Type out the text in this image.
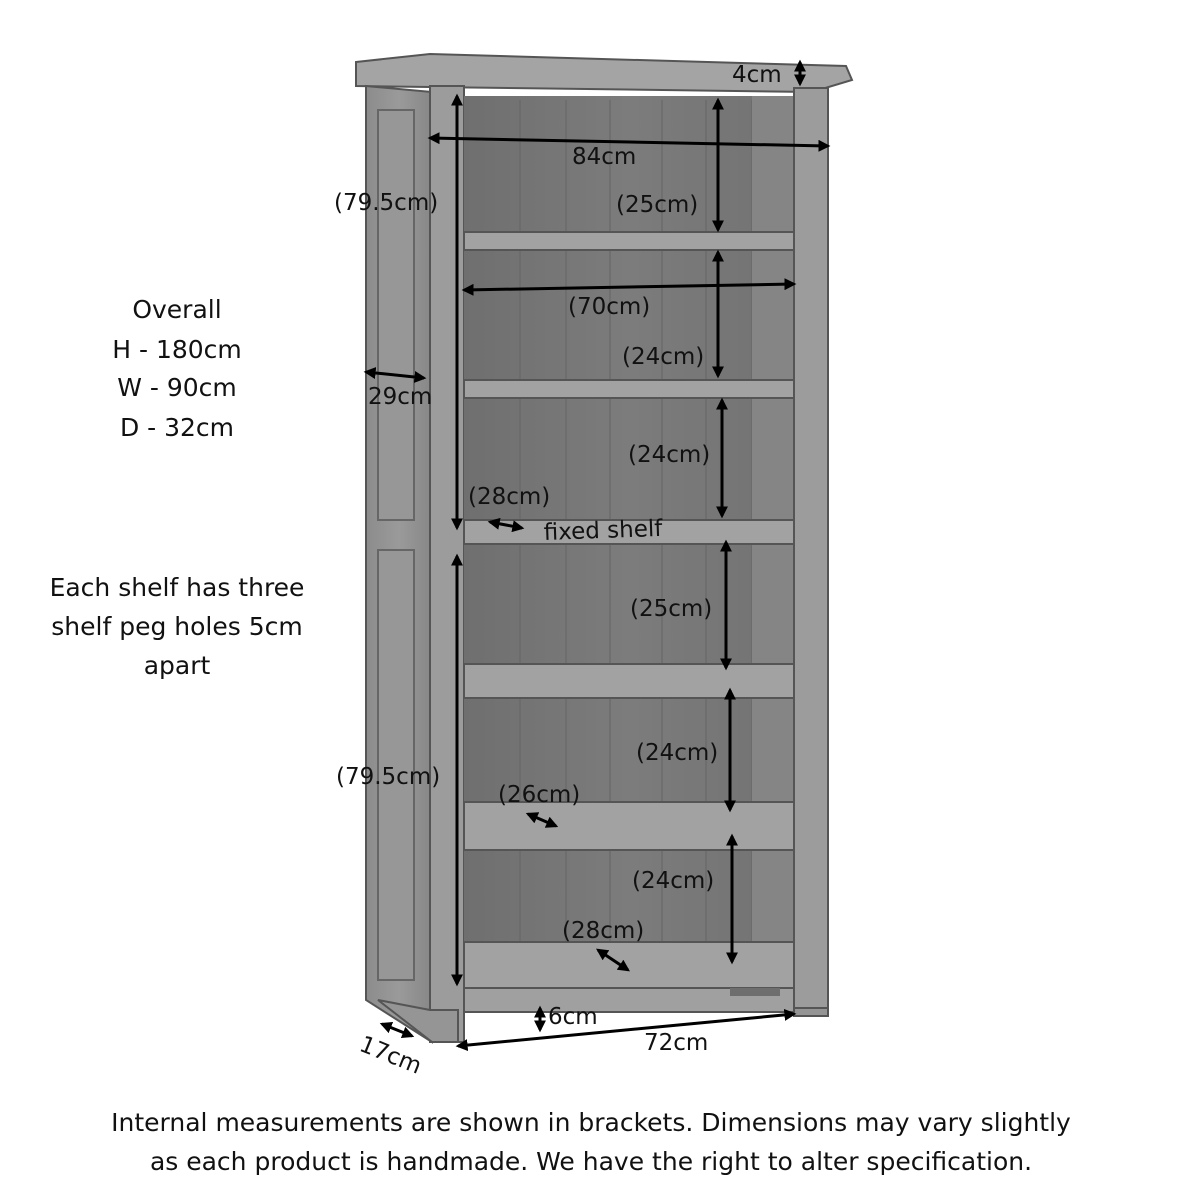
4cm
84cm
(79.5cm)	(25cm)
(70cm)
(24cm)
29cm
(24cm)
(28cm)
fixed shelf
(25cm)
(79.5cm)
(24cm)
(26cm)
(24cm)
(28cm)
6cm
72cm
17cm
Overall
H - 180cm
W - 90cm
D - 32cm
Each shelf has three
shelf peg holes 5cm
apart
Internal measurements are shown in brackets. Dimensions may vary slightly
as each product is handmade. We have the right to alter specification.
